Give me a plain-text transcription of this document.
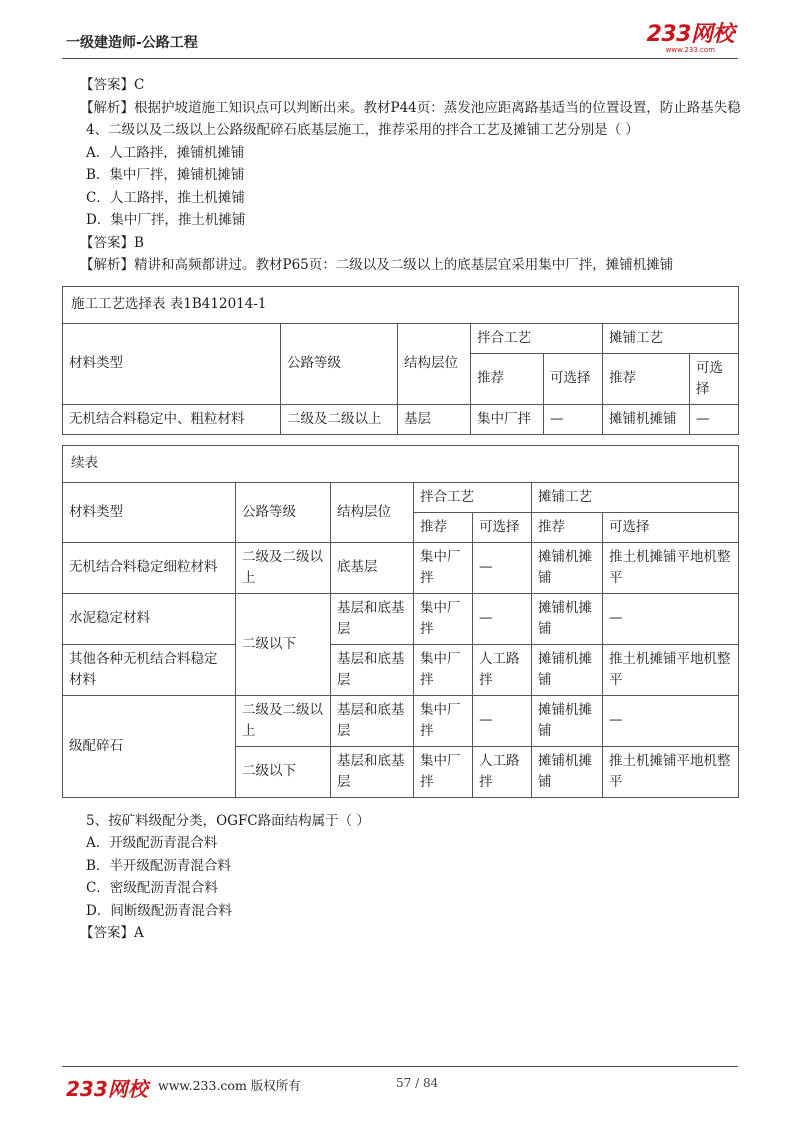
一级建造师-公路工程	233网校
www.233.com
【答案】C
【解析】根据护坡道施工知识点可以判断出来。教材P44页：蒸发池应距离路基适当的位置设置，防止路基失稳
4、二级以及二级以上公路级配碎石底基层施工，推荐采用的拌合工艺及摊铺工艺分别是（ ）
A．人工路拌，摊铺机摊铺
B．集中厂拌，摊铺机摊铺
C．人工路拌，推土机摊铺
D．集中厂拌，推土机摊铺
【答案】B
【解析】精讲和高频都讲过。教材P65页：二级以及二级以上的底基层宜采用集中厂拌，摊铺机摊铺
施工工艺选择表 表1B412014-1						
材料类型	公路等级	结构层位	拌合工艺		摊铺工艺	
			推荐	可选择	推荐	可选择
无机结合料稳定中、粗粒材料	二级及二级以上	基层	集中厂拌	—	摊铺机摊铺	—
续表						
材料类型	公路等级	结构层位	拌合工艺		摊铺工艺	
			推荐	可选择	推荐	可选择
无机结合料稳定细粒材料	二级及二级以上	底基层	集中厂拌	—	摊铺机摊铺	推土机摊铺平地机整平
水泥稳定材料	二级以下	基层和底基层	集中厂拌	—	摊铺机摊铺	—
其他各种无机结合料稳定材料		基层和底基层	集中厂拌	人工路拌	摊铺机摊铺	推土机摊铺平地机整平
级配碎石	二级及二级以上	基层和底基层	集中厂拌	—	摊铺机摊铺	—
	二级以下	基层和底基层	集中厂拌	人工路拌	摊铺机摊铺	推土机摊铺平地机整平
5、按矿料级配分类，OGFC路面结构属于（ ）
A．开级配沥青混合料
B．半开级配沥青混合料
C．密级配沥青混合料
D．间断级配沥青混合料
【答案】A
233网校 www.233.com 版权所有	57 / 84
